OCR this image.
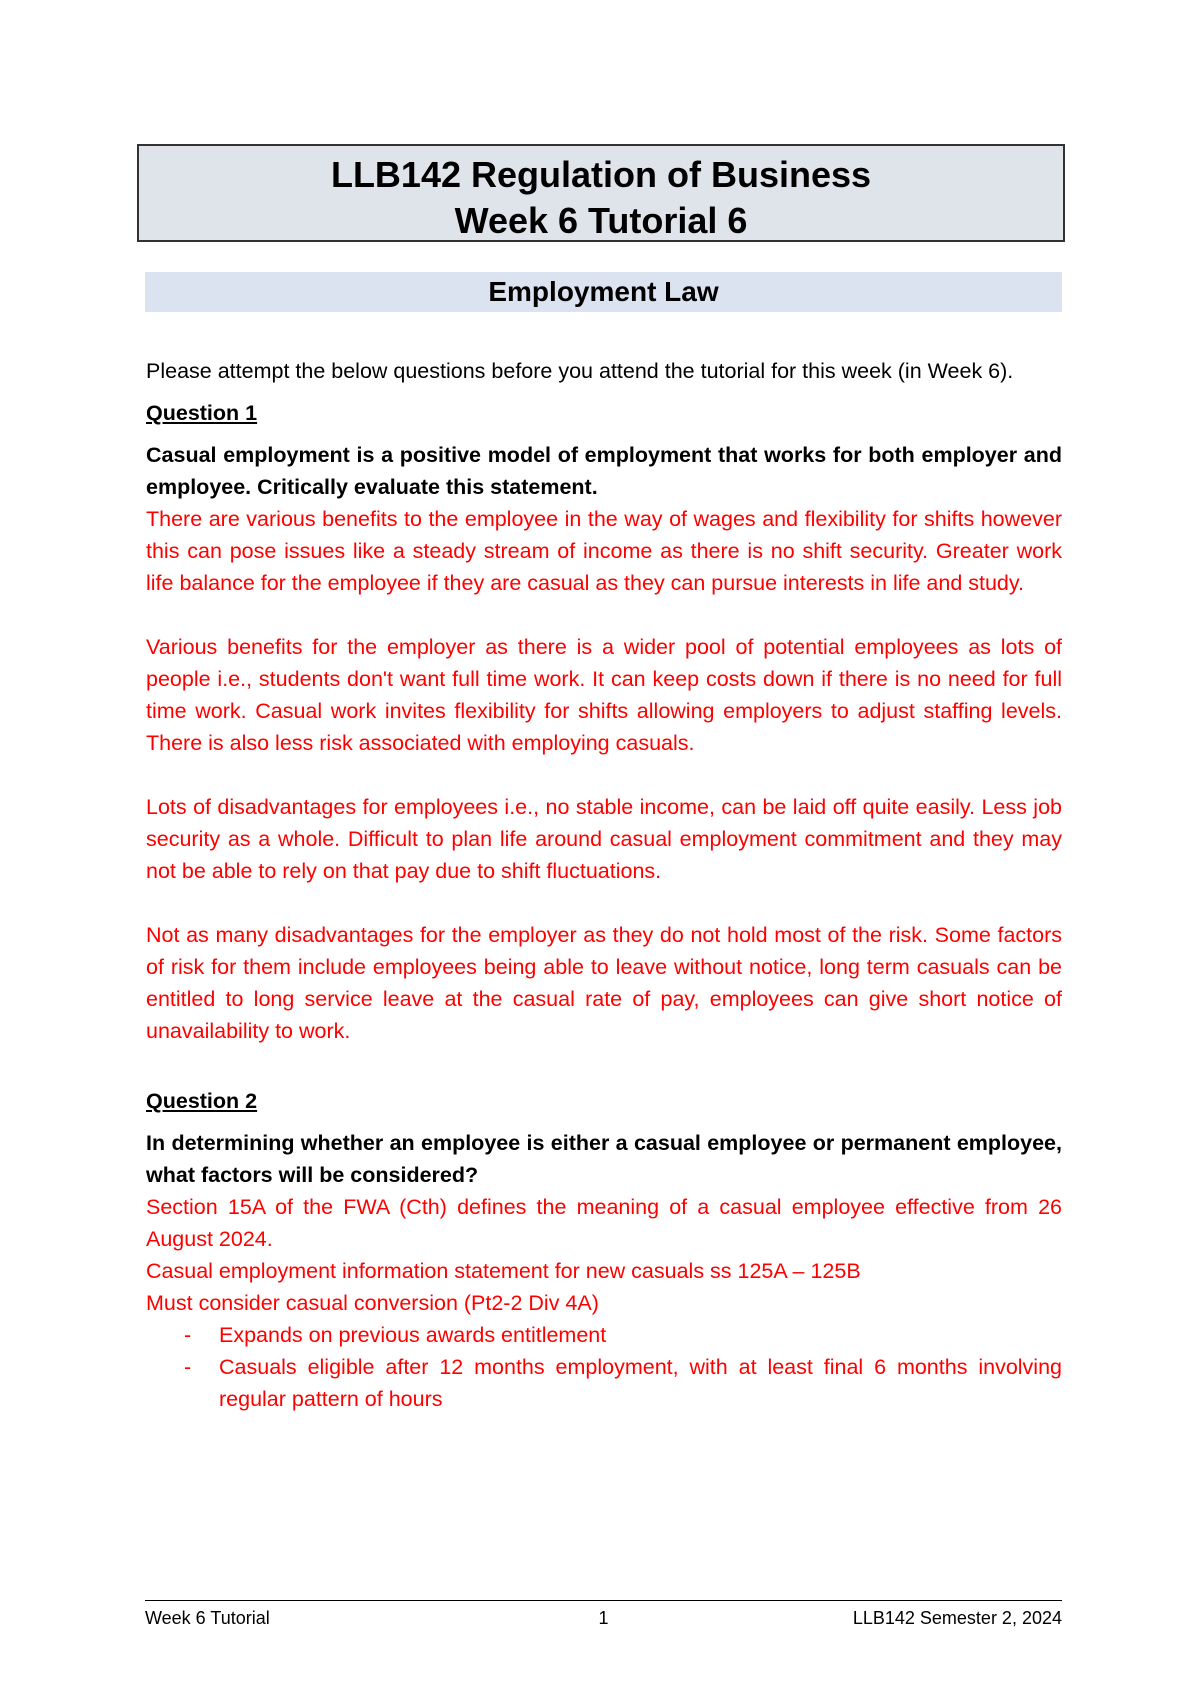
LLB142 Regulation of Business
Week 6 Tutorial 6
Employment Law

Please attempt the below questions before you attend the tutorial for this week (in Week 6).

Question 1

Casual employment is a positive model of employment that works for both employer and employee. Critically evaluate this statement.

There are various benefits to the employee in the way of wages and flexibility for shifts however this can pose issues like a steady stream of income as there is no shift security. Greater work life balance for the employee if they are casual as they can pursue interests in life and study.

Various benefits for the employer as there is a wider pool of potential employees as lots of people i.e., students don't want full time work. It can keep costs down if there is no need for full time work. Casual work invites flexibility for shifts allowing employers to adjust staffing levels. There is also less risk associated with employing casuals.

Lots of disadvantages for employees i.e., no stable income, can be laid off quite easily. Less job security as a whole. Difficult to plan life around casual employment commitment and they may not be able to rely on that pay due to shift fluctuations.

Not as many disadvantages for the employer as they do not hold most of the risk. Some factors of risk for them include employees being able to leave without notice, long term casuals can be entitled to long service leave at the casual rate of pay, employees can give short notice of unavailability to work.

Question 2

In determining whether an employee is either a casual employee or permanent employee, what factors will be considered?

Section 15A of the FWA (Cth) defines the meaning of a casual employee effective from 26 August 2024.

Casual employment information statement for new casuals ss 125A – 125B

Must consider casual conversion (Pt2-2 Div 4A)

- Expands on previous awards entitlement
- Casuals eligible after 12 months employment, with at least final 6 months involving regular pattern of hours
Week 6 Tutorial	1	LLB142 Semester 2, 2024
